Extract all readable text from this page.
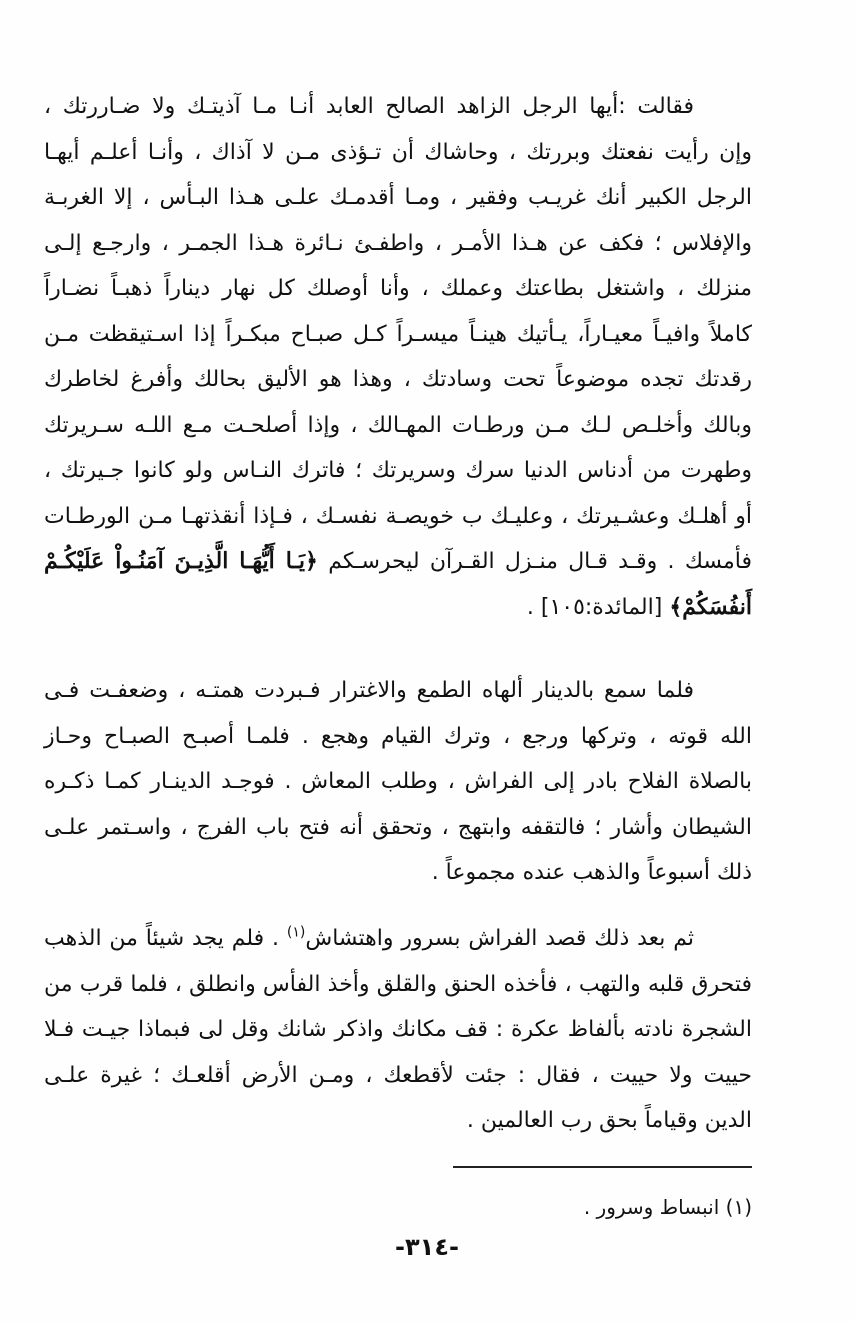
فقالت :أيها الرجل الزاهد الصالح العابد أنـا مـا آذيتـك ولا ضـاررتك ،
وإن رأيت نفعتك وبررتك ، وحاشاك أن تـؤذى مـن لا آذاك ، وأنـا أعلـم أيهـا
الرجل الكبير أنك غريـب وفقير ، ومـا أقدمـك علـى هـذا البـأس ، إلا الغربـة
والإفلاس ؛ فكف عن هـذا الأمـر ، واطفـئ نـائرة هـذا الجمـر ، وارجـع إلـى
منزلك ، واشتغل بطاعتك وعملك ، وأنا أوصلك كل نهار ديناراً ذهبـاً نضـاراً
كاملاً وافيـاً معيـاراً، يـأتيك هينـاً ميسـراً كـل صبـاح مبكـراً إذا اسـتيقظت مـن
رقدتك تجده موضوعاً تحت وسادتك ، وهذا هو الأليق بحالك وأفرغ لخاطرك
وبالك وأخلـص لـك مـن ورطـات المهـالك ، وإذا أصلحـت مـع اللـه سـريرتك
وطهرت من أدناس الدنيا سرك وسريرتك ؛ فاترك النـاس ولو كانوا جـيرتك ،
أو أهلـك وعشـيرتك ، وعليـك ب خويصـة نفسـك ، فـإذا أنقذتهـا مـن الورطـات
فأمسك . وقـد قـال منـزل القـرآن ليحرسـكم ﴿يَـا أَيُّهَـا الَّذِيـنَ آمَنُـواْ عَلَيْكُـمْ
أَنفُسَكُمْ﴾ [المائدة:١٠٥] .
فلما سمع بالدينار ألهاه الطمع والاغترار فـبردت همتـه ، وضعفـت فـى
الله قوته ، وتركها ورجع ، وترك القيام وهجع . فلمـا أصبـح الصبـاح وحـاز
بالصلاة الفلاح بادر إلى الفراش ، وطلب المعاش . فوجـد الدينـار كمـا ذكـره
الشيطان وأشار ؛ فالتقفه وابتهج ، وتحقق أنه فتح باب الفرج ، واسـتمر علـى
ذلك أسبوعاً والذهب عنده مجموعاً .
ثم بعد ذلك قصد الفراش بسرور واهتشاش$^{(١)}$ . فلم يجد شيئاً من الذهب
فتحرق قلبه والتهب ، فأخذه الحنق والقلق وأخذ الفأس وانطلق ، فلما قرب من
الشجرة نادته بألفاظ عكرة : قف مكانك واذكر شانك وقل لى فبماذا جيـت فـلا
حييت ولا حييت ، فقال : جئت لأقطعك ، ومـن الأرض أقلعـك ؛ غيرة علـى
الدين وقياماً بحق رب العالمين .
(١) انبساط وسرور .
-٣١٤-
